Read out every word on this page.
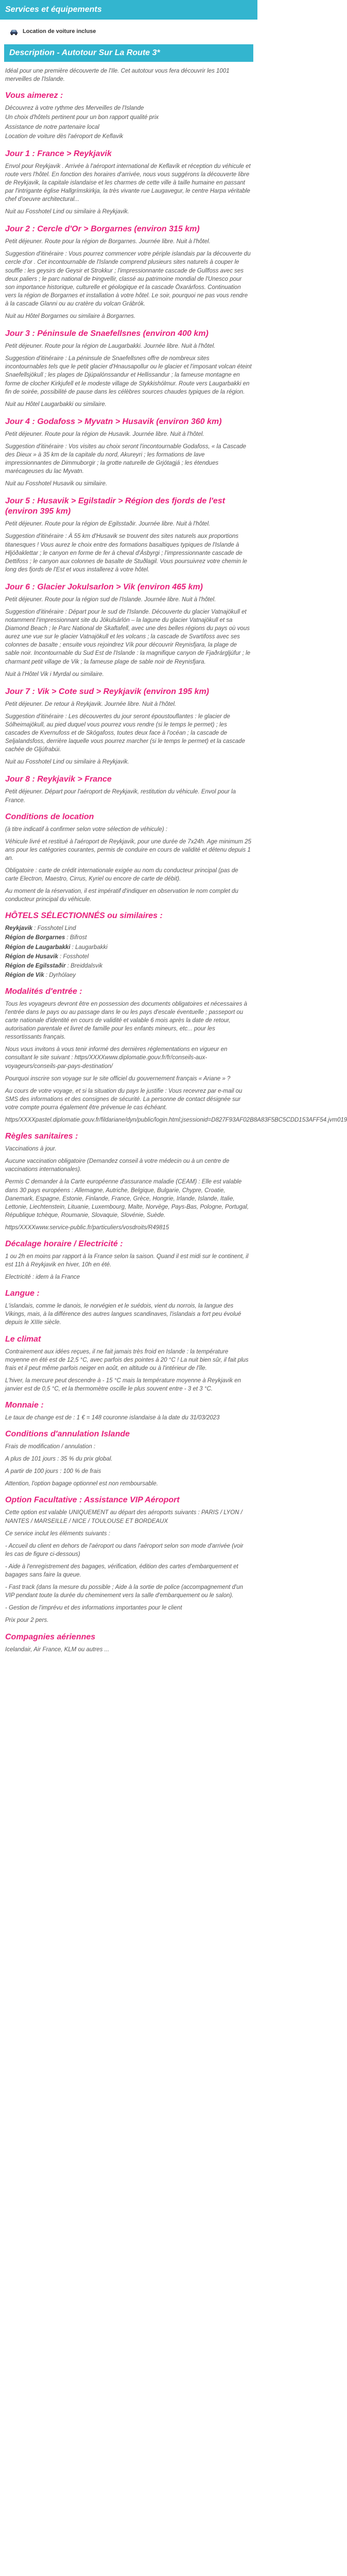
Services et équipements
Location de voiture incluse
Description - Autotour Sur La Route 3*

Idéal pour une première découverte de l'Ile. Cet autotour vous fera découvrir les 1001 merveilles de l'Islande.

Vous aimerez :
Découvrez à votre rythme des Merveilles de l'Islande
Un choix d'hôtels pertinent pour un bon rapport qualité prix
Assistance de notre partenaire local
Location de voiture dès l'aéroport de Keflavik
Jour 1 : France > Reykjavik

Envol pour Reykjavik . Arrivée à l'aéroport international de Keflavík et réception du véhicule et route vers l'hôtel. En fonction des horaires d'arrivée, nous vous suggérons la découverte libre de Reykjavik, la capitale islandaise et les charmes de cette ville à taille humaine en passant par l'intrigante église Hallgrímskirkja, la très vivante rue Laugavegur, le centre Harpa véritable chef d'oeuvre architectural...

Nuit au Fosshotel Lind ou similaire à Reykjavik.

Jour 2 : Cercle d'Or > Borgarnes (environ 315 km)

Petit déjeuner. Route pour la région de Borgarnes. Journée libre. Nuit à l'hôtel.

Suggestion d'itinéraire : Vous pourrez commencer votre périple islandais par la découverte du cercle d'or . Cet incontournable de l'Islande comprend plusieurs sites naturels à couper le souffle : les geysirs de Geysir et Strokkur ; l'impressionnante cascade de Gullfoss avec ses deux paliers ; le parc national de Þingvellir, classé au patrimoine mondial de l'Unesco pour son importance historique, culturelle et géologique et la cascade Öxarárfoss. Continuation vers la région de Borgarnes et installation à votre hôtel. Le soir, pourquoi ne pas vous rendre à la cascade Glanni ou au cratère du volcan Grábrók.

Nuit au Hôtel Borgarnes ou similaire à Borgarnes.

Jour 3 : Péninsule de Snaefellsnes (environ 400 km)

Petit déjeuner. Route pour la région de Laugarbakki. Journée libre. Nuit à l'hôtel.

Suggestion d'itinéraire : La péninsule de Snaefellsnes offre de nombreux sites incontournables tels que le petit glacier d'Hnausapollur ou le glacier et l'imposant volcan éteint Snaefellsjökull ; les plages de Djúpalónssandur et Hellissandur ; la fameuse montagne en forme de clocher Kirkjufell et le modeste village de Stykkishólmur. Route vers Laugarbakki en fin de soirée, possibilité de pause dans les célèbres sources chaudes typiques de la région.

Nuit au Hôtel Laugarbakki ou similaire.

Jour 4 : Godafoss > Myvatn > Husavik (environ 360 km)

Petit déjeuner. Route pour la région de Husavik. Journée libre. Nuit à l'hôtel.

Suggestion d'itinéraire : Vos visites au choix seront l'incontournable Godafoss, « la Cascade des Dieux » à 35 km de la capitale du nord, Akureyri ; les formations de lave impressionnantes de Dimmuborgir ; la grotte naturelle de Grjótagjá ; les étendues marécageuses du lac Myvatn.

Nuit au Fosshotel Husavik ou similaire.

Jour 5 : Husavik > Egilstadir > Région des fjords de l'est (environ 395 km)

Petit déjeuner. Route pour la région de Egilsstaðir. Journée libre. Nuit à l'hôtel.

Suggestion d'itinéraire : À 55 km d'Husavik se trouvent des sites naturels aux proportions titanesques ! Vous aurez le choix entre des formations basaltiques typiques de l'Islande à Hljóðaklettar ; le canyon en forme de fer à cheval d'Ásbyrgi ; l'impressionnante cascade de Dettifoss ; le canyon aux colonnes de basalte de Stuðlagil. Vous poursuivrez votre chemin le long des fjords de l'Est et vous installerez à votre hôtel.

Jour 6 : Glacier Jokulsarlon > Vik (environ 465 km)

Petit déjeuner. Route pour la région sud de l'Islande. Journée libre. Nuit à l'hôtel.

Suggestion d'itinéraire : Départ pour le sud de l'Islande. Découverte du glacier Vatnajökull et notamment l'impressionnant site du Jökulsárlón – la lagune du glacier Vatnajökull et sa Diamond Beach ; le Parc National de Skaftafell, avec une des belles régions du pays où vous aurez une vue sur le glacier Vatnajökull et les volcans ; la cascade de Svartifoss avec ses colonnes de basalte ; ensuite vous rejoindrez Vík pour découvrir Reynisfjara, la plage de sable noir. Incontournable du Sud Est de l'Islande : la magnifique canyon de Fjaðrárgljúfur ; le charmant petit village de Vik ; la fameuse plage de sable noir de Reynisfjara.

Nuit à l'Hôtel Vik i Myrdal ou similaire.

Jour 7 : Vik > Cote sud > Reykjavik (environ 195 km)

Petit déjeuner. De retour à Reykjavik. Journée libre. Nuit à l'hôtel.

Suggestion d'itinéraire : Les découvertes du jour seront époustouflantes : le glacier de Sólheimajökull, au pied duquel vous pourrez vous rendre (si le temps le permet) ; les cascades de Kvernufoss et de Skógafoss, toutes deux face à l'océan ; la cascade de Seljalandsfoss, derrière laquelle vous pourrez marcher (si le temps le permet) et la cascade cachée de Gljúfrabúi.

Nuit au Fosshotel Lind ou similaire à Reykjavik.

Jour 8 : Reykjavik > France

Petit déjeuner. Départ pour l'aéroport de Reykjavik, restitution du véhicule. Envol pour la France.

Conditions de location

(à titre indicatif à confirmer selon votre sélection de véhicule) :

Véhicule livré et restitué à l'aéroport de Reykjavik, pour une durée de 7x24h. Age minimum 25 ans pour les catégories courantes, permis de conduire en cours de validité et détenu depuis 1 an.

Obligatoire : carte de crédit internationale exigée au nom du conducteur principal (pas de carte Electron, Maestro, Cirrus, Kyriel ou encore de carte de débit).

Au moment de la réservation, il est impératif d'indiquer en observation le nom complet du conducteur principal du véhicule.

HÔTELS SÉLECTIONNÉS ou similaires :
Reykjavik : Fosshotel Lind
Région de Borgarnes : Bifrost
Région de Laugarbakki : Laugarbakki
Région de Husavik : Fosshotel
Région de Egilsstaðir : Breiddalsvik
Région de Vik : Dyrhólaey
Modalités d'entrée :

Tous les voyageurs devront être en possession des documents obligatoires et nécessaires à l'entrée dans le pays ou au passage dans le ou les pays d'escale éventuelle ; passeport ou carte nationale d'identité en cours de validité et valable 6 mois après la date de retour, autorisation parentale et livret de famille pour les enfants mineurs, etc... pour les ressortissants français.

Nous vous invitons à vous tenir informé des dernières réglementations en vigueur en consultant le site suivant : https/XXXXwww.diplomatie.gouv.fr/fr/conseils-aux-voyageurs/conseils-par-pays-destination/

Pourquoi inscrire son voyage sur le site officiel du gouvernement français « Ariane » ?

Au cours de votre voyage, et si la situation du pays le justifie : Vous recevrez par e-mail ou SMS des informations et des consignes de sécurité. La personne de contact désignée sur votre compte pourra également être prévenue le cas échéant.

https/XXXXpastel.diplomatie.gouv.fr/fildariane/dyn/public/login.html;jsessionid=D827F93AF02B8A83F5BC5CDD153AFF54.jvm019

Règles sanitaires :

Vaccinations à jour.

Aucune vaccination obligatoire (Demandez conseil à votre médecin ou à un centre de vaccinations internationales).

Permis C demander à la Carte européenne d'assurance maladie (CEAM) : Elle est valable dans 30 pays européens : Allemagne, Autriche, Belgique, Bulgarie, Chypre, Croatie, Danemark, Espagne, Estonie, Finlande, France, Grèce, Hongrie, Irlande, Islande, Italie, Lettonie, Liechtenstein, Lituanie, Luxembourg, Malte, Norvège, Pays-Bas, Pologne, Portugal, République tchèque, Roumanie, Slovaquie, Slovénie, Suède.

https/XXXXwww.service-public.fr/particuliers/vosdroits/R49815

Décalage horaire / Electricité :

1 ou 2h en moins par rapport à la France selon la saison. Quand il est midi sur le continent, il est 11h à Reykjavik en hiver, 10h en été.

Electricité : idem à la France

Langue :

L'islandais, comme le danois, le norvégien et le suédois, vient du norrois, la langue des Vikings, mais, à la différence des autres langues scandinaves, l'islandais a fort peu évolué depuis le XIIIe siècle.

Le climat

Contrairement aux idées reçues, il ne fait jamais très froid en Islande : la température moyenne en été est de 12,5 °C, avec parfois des pointes à 20 °C ! La nuit bien sûr, il fait plus frais et il peut même parfois neiger en août, en altitude ou à l'intérieur de l'île.

L'hiver, la mercure peut descendre à - 15 °C mais la température moyenne à Reykjavik en janvier est de 0,5 °C, et la thermomètre oscille le plus souvent entre - 3 et 3 °C.

Monnaie :

Le taux de change est de : 1 € = 148 couronne islandaise à la date du 31/03/2023

Conditions d'annulation Islande

Frais de modification / annulation :

A plus de 101 jours : 35 % du prix global.

A partir de 100 jours : 100 % de frais

Attention, l'option bagage optionnel est non remboursable.

Option Facultative : Assistance VIP Aéroport

Cette option est valable UNIQUEMENT au départ des aéroports suivants : PARIS / LYON / NANTES / MARSEILLE / NICE / TOULOUSE ET BORDEAUX

Ce service inclut les éléments suivants :

- Accueil du client en dehors de l'aéroport ou dans l'aéroport selon son mode d'arrivée (voir les cas de figure ci-dessous)

- Aide à l'enregistrement des bagages, vérification, édition des cartes d'embarquement et bagages sans faire la queue.

- Fast track (dans la mesure du possible ; Aide à la sortie de police (accompagnement d'un VIP pendant toute la durée du cheminement vers la salle d'embarquement ou le salon).

- Gestion de l'imprévu et des informations importantes pour le client

Prix pour 2 pers.

Compagnies aériennes

Icelandair, Air France, KLM ou autres ...
